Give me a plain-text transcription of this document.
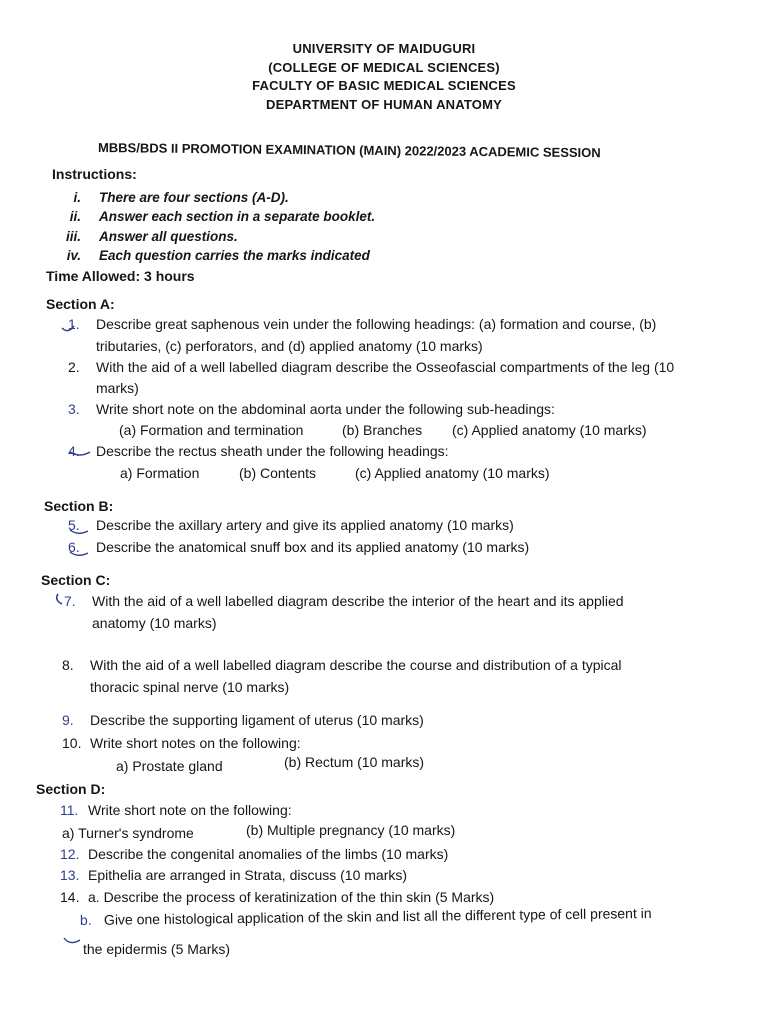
UNIVERSITY OF MAIDUGURI
(COLLEGE OF MEDICAL SCIENCES)
FACULTY OF BASIC MEDICAL SCIENCES
DEPARTMENT OF HUMAN ANATOMY
MBBS/BDS II PROMOTION EXAMINATION (MAIN) 2022/2023 ACADEMIC SESSION
Instructions:
i. There are four sections (A-D).
ii. Answer each section in a separate booklet.
iii. Answer all questions.
iv. Each question carries the marks indicated
Time Allowed: 3 hours
Section A:
1. Describe great saphenous vein under the following headings: (a) formation and course, (b)
tributaries, (c) perforators, and (d) applied anatomy (10 marks)
2. With the aid of a well labelled diagram describe the Osseofascial compartments of the leg (10
marks)
3. Write short note on the abdominal aorta under the following sub-headings:
(a) Formation and termination	(b) Branches (c) Applied anatomy (10 marks)
4. Describe the rectus sheath under the following headings:
a) Formation	(b) Contents	(c) Applied anatomy (10 marks)
Section B:
5. Describe the axillary artery and give its applied anatomy (10 marks)
6. Describe the anatomical snuff box and its applied anatomy (10 marks)
Section C:
7. With the aid of a well labelled diagram describe the interior of the heart and its applied
anatomy (10 marks)
8. With the aid of a well labelled diagram describe the course and distribution of a typical
thoracic spinal nerve (10 marks)
9. Describe the supporting ligament of uterus (10 marks)
10. Write short notes on the following:
a) Prostate gland	(b) Rectum (10 marks)
Section D:
11. Write short note on the following:
a) Turner's syndrome	(b) Multiple pregnancy (10 marks)
12. Describe the congenital anomalies of the limbs (10 marks)
13. Epithelia are arranged in Strata, discuss (10 marks)
14. a. Describe the process of keratinization of the thin skin (5 Marks)
b. Give one histological application of the skin and list all the different type of cell present in
the epidermis (5 Marks)
